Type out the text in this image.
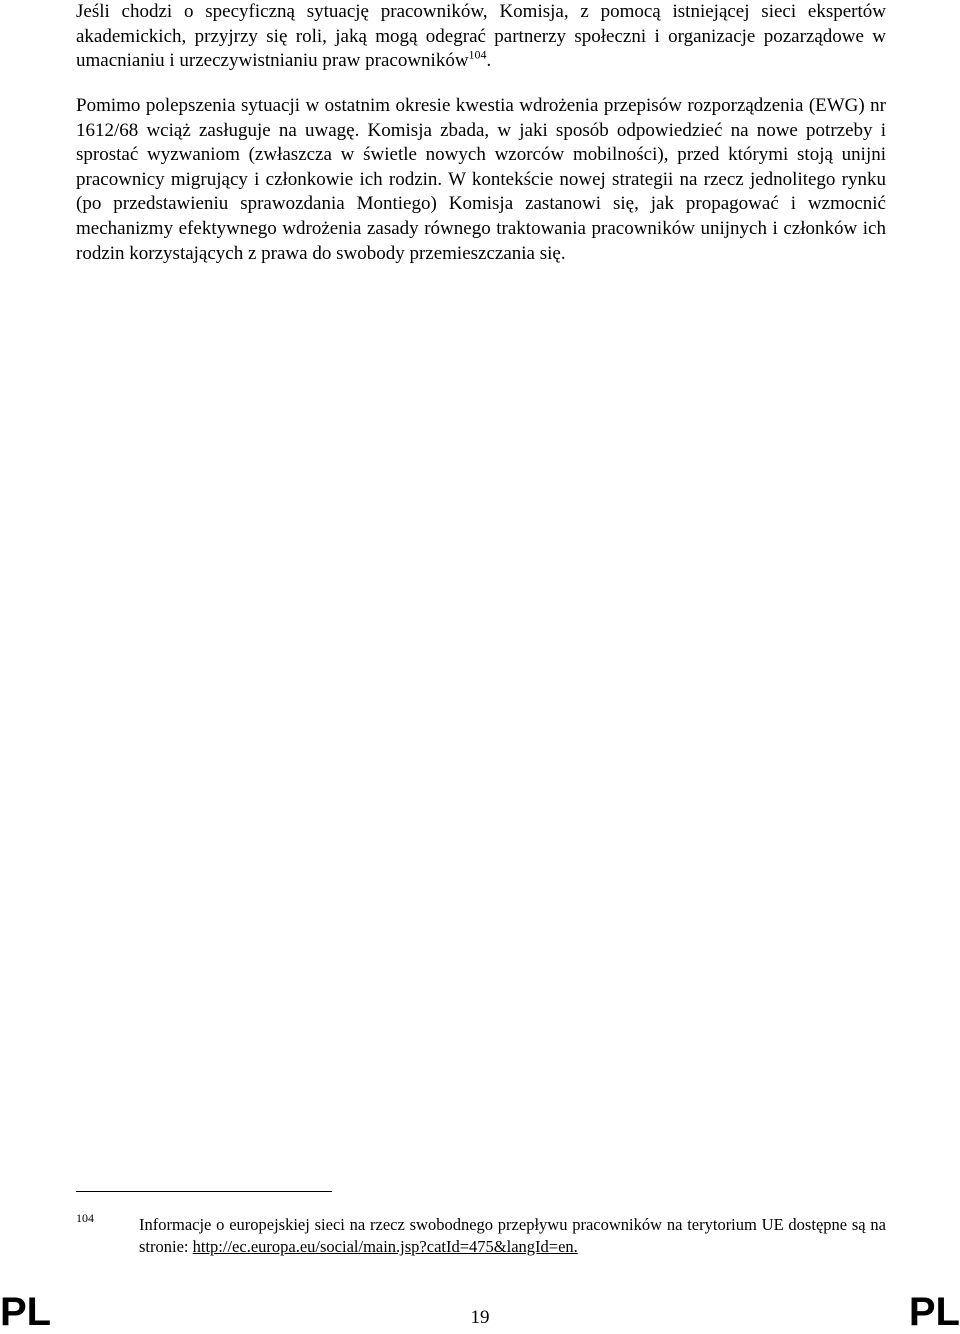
Jeśli chodzi o specyficzną sytuację pracowników, Komisja, z pomocą istniejącej sieci ekspertów akademickich, przyjrzy się roli, jaką mogą odegrać partnerzy społeczni i organizacje pozarządowe w umacnianiu i urzeczywistnianiu praw pracowników$^{104}$.

Pomimo polepszenia sytuacji w ostatnim okresie kwestia wdrożenia przepisów rozporządzenia (EWG) nr 1612/68 wciąż zasługuje na uwagę. Komisja zbada, w jaki sposób odpowiedzieć na nowe potrzeby i sprostać wyzwaniom (zwłaszcza w świetle nowych wzorców mobilności), przed którymi stoją unijni pracownicy migrujący i członkowie ich rodzin. W kontekście nowej strategii na rzecz jednolitego rynku (po przedstawieniu sprawozdania Montiego) Komisja zastanowi się, jak propagować i wzmocnić mechanizmy efektywnego wdrożenia zasady równego traktowania pracowników unijnych i członków ich rodzin korzystających z prawa do swobody przemieszczania się.

104	Informacje o europejskiej sieci na rzecz swobodnego przepływu pracowników na terytorium UE dostępne są na stronie: http://ec.europa.eu/social/main.jsp?catId=475&langId=en.

PL	19	PL
